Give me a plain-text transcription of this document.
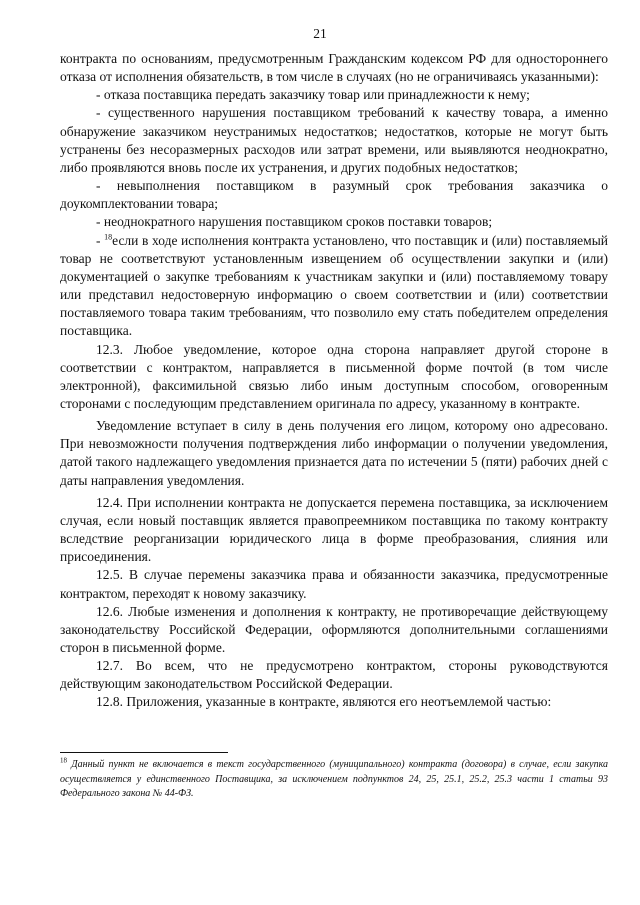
21

контракта по основаниям, предусмотренным Гражданским кодексом РФ для одностороннего отказа от исполнения обязательств, в том числе в случаях (но не ограничиваясь указанными):

- отказа поставщика передать заказчику товар или принадлежности к нему;

- существенного нарушения поставщиком требований к качеству товара, а именно обнаружение заказчиком неустранимых недостатков; недостатков, которые не могут быть устранены без несоразмерных расходов или затрат времени, или выявляются неоднократно, либо проявляются вновь после их устранения, и других подобных недостатков;

- невыполнения поставщиком в разумный срок требования заказчика о доукомплектовании товара;

- неоднократного нарушения поставщиком сроков поставки товаров;

- $^{18}$если в ходе исполнения контракта установлено, что поставщик и (или) поставляемый товар не соответствуют установленным извещением об осуществлении закупки и (или) документацией о закупке требованиям к участникам закупки и (или) поставляемому товару или представил недостоверную информацию о своем соответствии и (или) соответствии поставляемого товара таким требованиям, что позволило ему стать победителем определения поставщика.

12.3. Любое уведомление, которое одна сторона направляет другой стороне в соответствии с контрактом, направляется в письменной форме почтой (в том числе электронной), факсимильной связью либо иным доступным способом, оговоренным сторонами с последующим представлением оригинала по адресу, указанному в контракте.

Уведомление вступает в силу в день получения его лицом, которому оно адресовано. При невозможности получения подтверждения либо информации о получении уведомления, датой такого надлежащего уведомления признается дата по истечении 5 (пяти) рабочих дней с даты направления уведомления.

12.4. При исполнении контракта не допускается перемена поставщика, за исключением случая, если новый поставщик является правопреемником поставщика по такому контракту вследствие реорганизации юридического лица в форме преобразования, слияния или присоединения.

12.5. В случае перемены заказчика права и обязанности заказчика, предусмотренные контрактом, переходят к новому заказчику.

12.6. Любые изменения и дополнения к контракту, не противоречащие действующему законодательству Российской Федерации, оформляются дополнительными соглашениями сторон в письменной форме.

12.7. Во всем, что не предусмотрено контрактом, стороны руководствуются действующим законодательством Российской Федерации.

12.8. Приложения, указанные в контракте, являются его неотъемлемой частью:

$^{18}$ Данный пункт не включается в текст государственного (муниципального) контракта (договора) в случае, если закупка осуществляется у единственного Поставщика, за исключением подпунктов 24, 25, 25.1, 25.2, 25.3 части 1 статьи 93 Федерального закона № 44-ФЗ.
